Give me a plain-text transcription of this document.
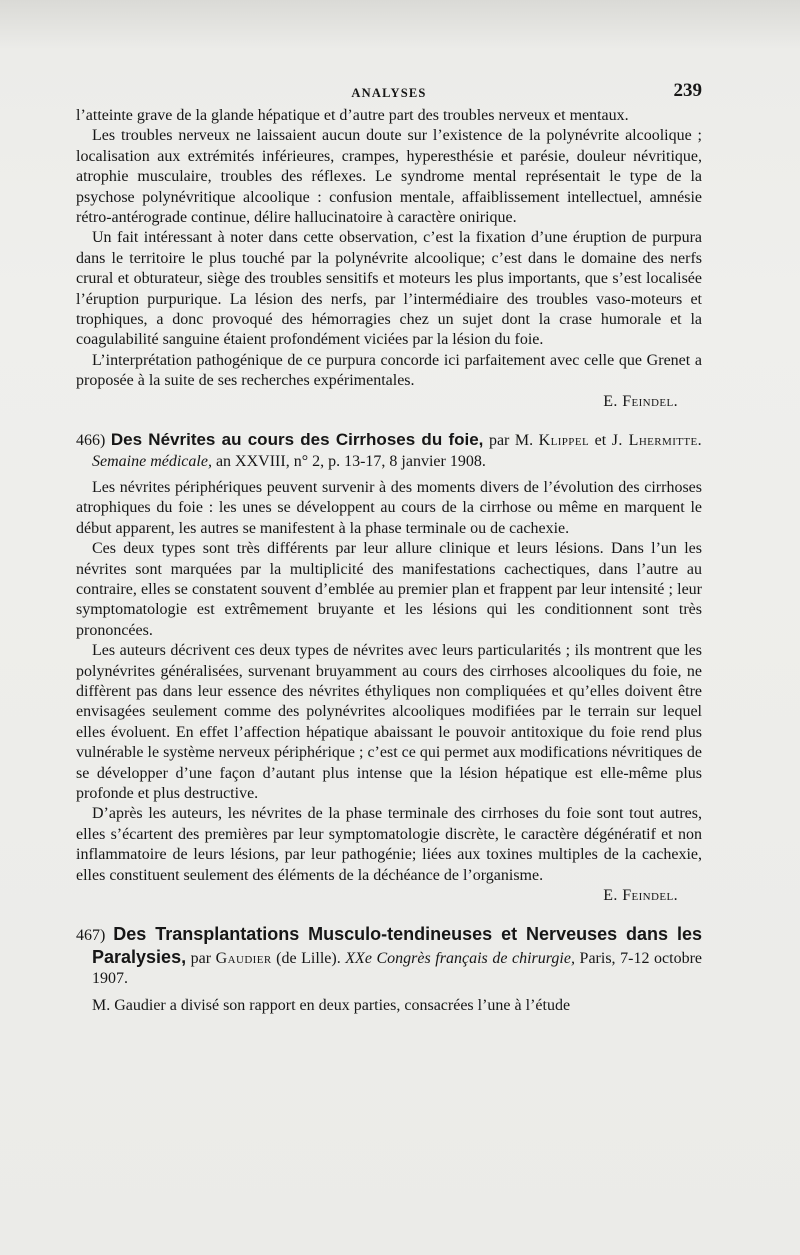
ANALYSES	239

l’atteinte grave de la glande hépatique et d’autre part des troubles nerveux et mentaux.

Les troubles nerveux ne laissaient aucun doute sur l’existence de la polynévrite alcoolique ; localisation aux extrémités inférieures, crampes, hyperesthésie et parésie, douleur névritique, atrophie musculaire, troubles des réflexes. Le syndrome mental représentait le type de la psychose polynévritique alcoolique : confusion mentale, affaiblissement intellectuel, amnésie rétro-antérograde continue, délire hallucinatoire à caractère onirique.

Un fait intéressant à noter dans cette observation, c’est la fixation d’une éruption de purpura dans le territoire le plus touché par la polynévrite alcoolique; c’est dans le domaine des nerfs crural et obturateur, siège des troubles sensitifs et moteurs les plus importants, que s’est localisée l’éruption purpurique. La lésion des nerfs, par l’intermédiaire des troubles vaso-moteurs et trophiques, a donc provoqué des hémorragies chez un sujet dont la crase humorale et la coagulabilité sanguine étaient profondément viciées par la lésion du foie.

L’interprétation pathogénique de ce purpura concorde ici parfaitement avec celle que Grenet a proposée à la suite de ses recherches expérimentales.

E. Feindel.

466) Des Névrites au cours des Cirrhoses du foie, par M. Klippel et J. Lhermitte. Semaine médicale, an XXVIII, n° 2, p. 13-17, 8 janvier 1908.

Les névrites périphériques peuvent survenir à des moments divers de l’évolution des cirrhoses atrophiques du foie : les unes se développent au cours de la cirrhose ou même en marquent le début apparent, les autres se manifestent à la phase terminale ou de cachexie.

Ces deux types sont très différents par leur allure clinique et leurs lésions. Dans l’un les névrites sont marquées par la multiplicité des manifestations cachectiques, dans l’autre au contraire, elles se constatent souvent d’emblée au premier plan et frappent par leur intensité ; leur symptomatologie est extrêmement bruyante et les lésions qui les conditionnent sont très prononcées.

Les auteurs décrivent ces deux types de névrites avec leurs particularités ; ils montrent que les polynévrites généralisées, survenant bruyamment au cours des cirrhoses alcooliques du foie, ne diffèrent pas dans leur essence des névrites éthyliques non compliquées et qu’elles doivent être envisagées seulement comme des polynévrites alcooliques modifiées par le terrain sur lequel elles évoluent. En effet l’affection hépatique abaissant le pouvoir antitoxique du foie rend plus vulnérable le système nerveux périphérique ; c’est ce qui permet aux modifications névritiques de se développer d’une façon d’autant plus intense que la lésion hépatique est elle-même plus profonde et plus destructive.

D’après les auteurs, les névrites de la phase terminale des cirrhoses du foie sont tout autres, elles s’écartent des premières par leur symptomatologie discrète, le caractère dégénératif et non inflammatoire de leurs lésions, par leur pathogénie; liées aux toxines multiples de la cachexie, elles constituent seulement des éléments de la déchéance de l’organisme.

E. Feindel.

467) Des Transplantations Musculo-tendineuses et Nerveuses dans les Paralysies, par Gaudier (de Lille). XXe Congrès français de chirurgie, Paris, 7-12 octobre 1907.

M. Gaudier a divisé son rapport en deux parties, consacrées l’une à l’étude
